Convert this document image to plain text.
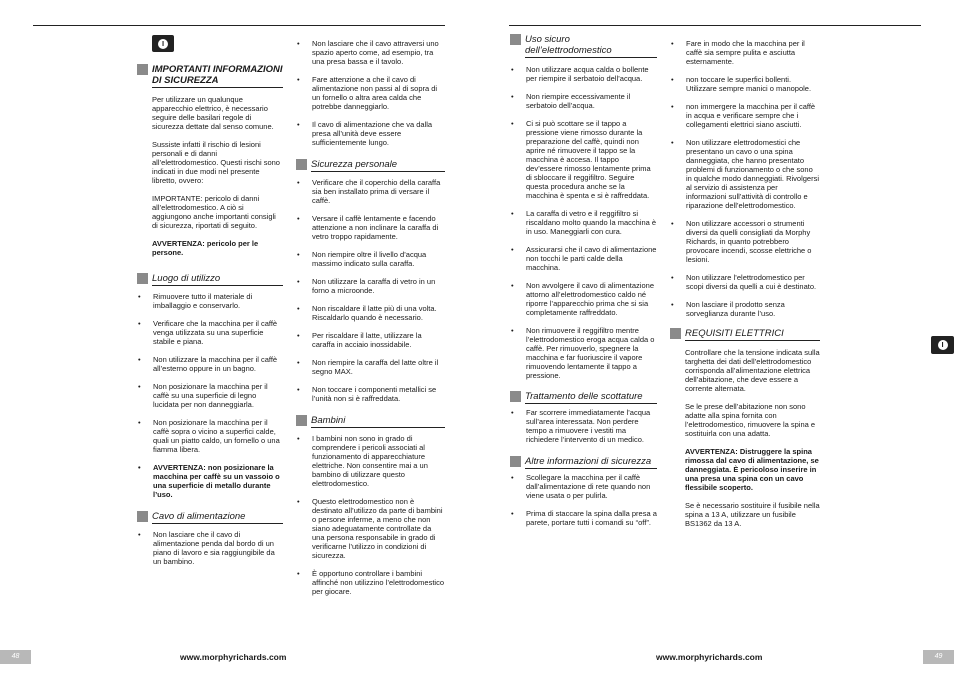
I
I
IMPORTANTI INFORMAZIONI DI SICUREZZA

Per utilizzare un qualunque apparecchio elettrico, è necessario seguire delle basilari regole di sicurezza dettate dal senso comune.

Sussiste infatti il rischio di lesioni personali e di danni all’elettrodomestico. Questi rischi sono indicati in due modi nel presente libretto, ovvero:

IMPORTANTE: pericolo di danni all’elettrodomestico. A ciò si aggiungono anche importanti consigli di sicurezza, riportati di seguito.

AVVERTENZA: pericolo per le persone.

Luogo di utilizzo
• Rimuovere tutto il materiale di imballaggio e conservarlo.
• Verificare che la macchina per il caffè venga utilizzata su una superficie stabile e piana.
• Non utilizzare la macchina per il caffè all’esterno oppure in un bagno.
• Non posizionare la macchina per il caffè su una superficie di legno lucidata per non danneggiarla.
• Non posizionare la macchina per il caffè sopra o vicino a superfici calde, quali un piatto caldo, un fornello o una fiamma libera.
• AVVERTENZA: non posizionare la macchina per caffè su un vassoio o una superficie di metallo durante l’uso.
Cavo di alimentazione
• Non lasciare che il cavo di alimentazione penda dal bordo di un piano di lavoro e sia raggiungibile da un bambino.
• Non lasciare che il cavo attraversi uno spazio aperto come, ad esempio, tra una presa bassa e il tavolo.
• Fare attenzione a che il cavo di alimentazione non passi al di sopra di un fornello o altra area calda che potrebbe danneggiarlo.
• Il cavo di alimentazione che va dalla presa all’unità deve essere sufficientemente lungo.
Sicurezza personale
• Verificare che il coperchio della caraffa sia ben installato prima di versare il caffè.
• Versare il caffè lentamente e facendo attenzione a non inclinare la caraffa di vetro troppo rapidamente.
• Non riempire oltre il livello d’acqua massimo indicato sulla caraffa.
• Non utilizzare la caraffa di vetro in un forno a microonde.
• Non riscaldare il latte più di una volta. Riscaldarlo quando è necessario.
• Per riscaldare il latte, utilizzare la caraffa in acciaio inossidabile.
• Non riempire la caraffa del latte oltre il segno MAX.
• Non toccare i componenti metallici se l’unità non si è raffreddata.
Bambini
• I bambini non sono in grado di comprendere i pericoli associati al funzionamento di apparecchiature elettriche. Non consentire mai a un bambino di utilizzare questo elettrodomestico.
• Questo elettrodomestico non è destinato all’utilizzo da parte di bambini o persone inferme, a meno che non siano adeguatamente controllate da una persona responsabile in grado di verificarne l’utilizzo in condizioni di sicurezza.
• È opportuno controllare i bambini affinché non utilizzino l’elettrodomestico per giocare.
Uso sicuro dell’elettrodomestico
• Non utilizzare acqua calda o bollente per riempire il serbatoio dell’acqua.
• Non riempire eccessivamente il serbatoio dell’acqua.
• Ci si può scottare se il tappo a pressione viene rimosso durante la preparazione del caffè, quindi non aprire né rimuovere il tappo se la macchina è accesa. Il tappo dev’essere rimosso lentamente prima di sbloccare il reggifiltro. Seguire questa procedura anche se la macchina è spenta e si è raffreddata.
• La caraffa di vetro e il reggifiltro si riscaldano molto quando la macchina è in uso. Maneggiarli con cura.
• Assicurarsi che il cavo di alimentazione non tocchi le parti calde della macchina.
• Non avvolgere il cavo di alimentazione attorno all’elettrodomestico caldo né riporre l’apparecchio prima che si sia completamente raffreddato.
• Non rimuovere il reggifiltro mentre l’elettrodomestico eroga acqua calda o caffè. Per rimuoverlo, spegnere la macchina e far fuoriuscire il vapore rimuovendo lentamente il tappo a pressione.
Trattamento delle scottature
• Far scorrere immediatamente l’acqua sull’area interessata. Non perdere tempo a rimuovere i vestiti ma richiedere l’intervento di un medico.
Altre informazioni di sicurezza
• Scollegare la macchina per il caffè dall’alimentazione di rete quando non viene usata o per pulirla.
• Prima di staccare la spina dalla presa a parete, portare tutti i comandi su “off”.
• Fare in modo che la macchina per il caffè sia sempre pulita e asciutta esternamente.
• non toccare le superfici bollenti. Utilizzare sempre manici o manopole.
• non immergere la macchina per il caffè in acqua e verificare sempre che i collegamenti elettrici siano asciutti.
• Non utilizzare elettrodomestici che presentano un cavo o una spina danneggiata, che hanno presentato problemi di funzionamento o che sono in qualche modo danneggiati. Rivolgersi al servizio di assistenza per informazioni sull’attività di controllo e riparazione dell’elettrodomestico.
• Non utilizzare accessori o strumenti diversi da quelli consigliati da Morphy Richards, in quanto potrebbero provocare incendi, scosse elettriche o lesioni.
• Non utilizzare l’elettrodomestico per scopi diversi da quelli a cui è destinato.
• Non lasciare il prodotto senza sorveglianza durante l’uso.
REQUISITI ELETTRICI

Controllare che la tensione indicata sulla targhetta dei dati dell’elettrodomestico corrisponda all’alimentazione elettrica dell’abitazione, che deve essere a corrente alternata.

Se le prese dell’abitazione non sono adatte alla spina fornita con l’elettrodomestico, rimuovere la spina e sostituirla con una adatta.

AVVERTENZA: Distruggere la spina rimossa dal cavo di alimentazione, se danneggiata. È pericoloso inserire in una presa una spina con un cavo flessibile scoperto.

Se è necessario sostituire il fusibile nella spina a 13 A, utilizzare un fusibile BS1362 da 13 A.

48	www.morphyrichards.com	www.morphyrichards.com	49
